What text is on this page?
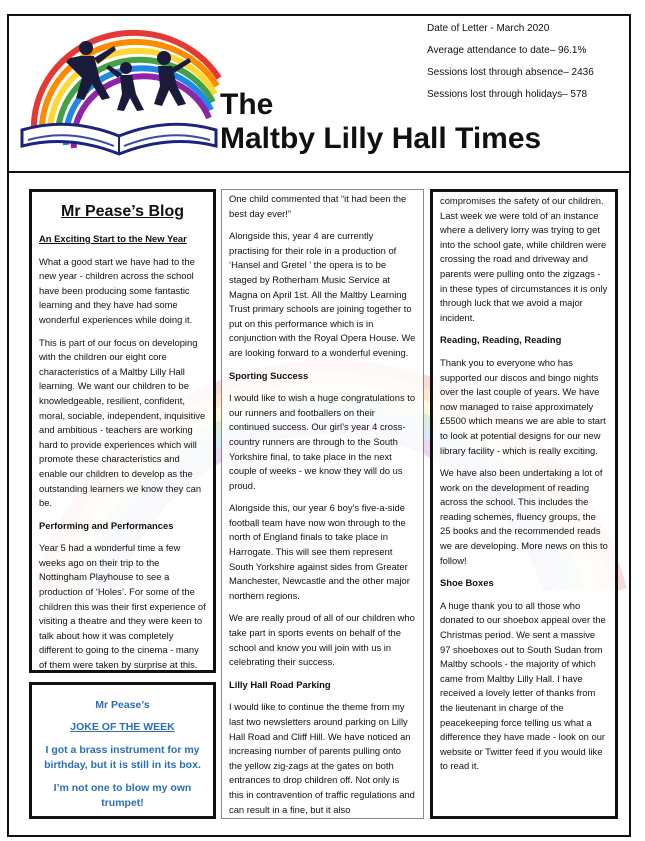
The
Maltby Lilly Hall Times
Date of Letter - March 2020
Average attendance to date– 96.1%
Sessions lost through absence– 2436
Sessions lost through holidays– 578
Mr Pease’s Blog

An Exciting Start to the New Year

What a good start we have had to the new year - children across the school have been producing some fantastic learning and they have had some wonderful experiences while doing it.

This is part of our focus on developing with the children our eight core characteristics of a Maltby Lilly Hall learning. We want our children to be knowledgeable, resilient, confident, moral, sociable, independent, inquisitive and ambitious - teachers are working hard to provide experiences which will promote these characteristics and enable our children to develop as the outstanding learners we know they can be.

Performing and Performances

Year 5 had a wonderful time a few weeks ago on their trip to the Nottingham Playhouse to see a production of ‘Holes’. For some of the children this was their first experience of visiting a theatre and they were keen to talk about how it was completely different to going to the cinema - many of them were taken by surprise at this.

Mr Pease’s
JOKE OF THE WEEK
I got a brass instrument for my birthday, but it is still in its box.
I’m not one to blow my own trumpet!

One child commented that “it had been the best day ever!”

Alongside this, year 4 are currently practising for their role in a production of ‘Hansel and Gretel ’ the opera is to be staged by Rotherham Music Service at Magna on April 1st. All the Maltby Learning Trust primary schools are joining together to put on this performance which is in conjunction with the Royal Opera House. We are looking forward to a wonderful evening.

Sporting Success

I would like to wish a huge congratulations to our runners and footballers on their continued success. Our girl’s year 4 cross-country runners are through to the South Yorkshire final, to take place in the next couple of weeks - we know they will do us proud.

Alongside this, our year 6 boy’s five-a-side football team have now won through to the north of England finals to take place in Harrogate. This will see them represent South Yorkshire against sides from Greater Manchester, Newcastle and the other major northern regions.

We are really proud of all of our children who take part in sports events on behalf of the school and know you will join with us in celebrating their success.

Lilly Hall Road Parking

I would like to continue the theme from my last two newsletters around parking on Lilly Hall Road and Cliff Hill. We have noticed an increasing number of parents pulling onto the yellow zig-zags at the gates on both entrances to drop children off. Not only is this in contravention of traffic regulations and can result in a fine, but it also

compromises the safety of our children. Last week we were told of an instance where a delivery lorry was trying to get into the school gate, while children were crossing the road and driveway and parents were pulling onto the zigzags - in these types of circumstances it is only through luck that we avoid a major incident.

Reading, Reading, Reading

Thank you to everyone who has supported our discos and bingo nights over the last couple of years. We have now managed to raise approximately £5500 which means we are able to start to look at potential designs for our new library facility - which is really exciting.

We have also been undertaking a lot of work on the development of reading across the school. This includes the reading schemes, fluency groups, the 25 books and the recommended reads we are developing. More news on this to follow!

Shoe Boxes

A huge thank you to all those who donated to our shoebox appeal over the Christmas period. We sent a massive 97 shoeboxes out to South Sudan from Maltby schools - the majority of which came from Maltby Lilly Hall. I have received a lovely letter of thanks from the lieutenant in charge of the peacekeeping force telling us what a difference they have made - look on our website or Twitter feed if you would like to read it.
